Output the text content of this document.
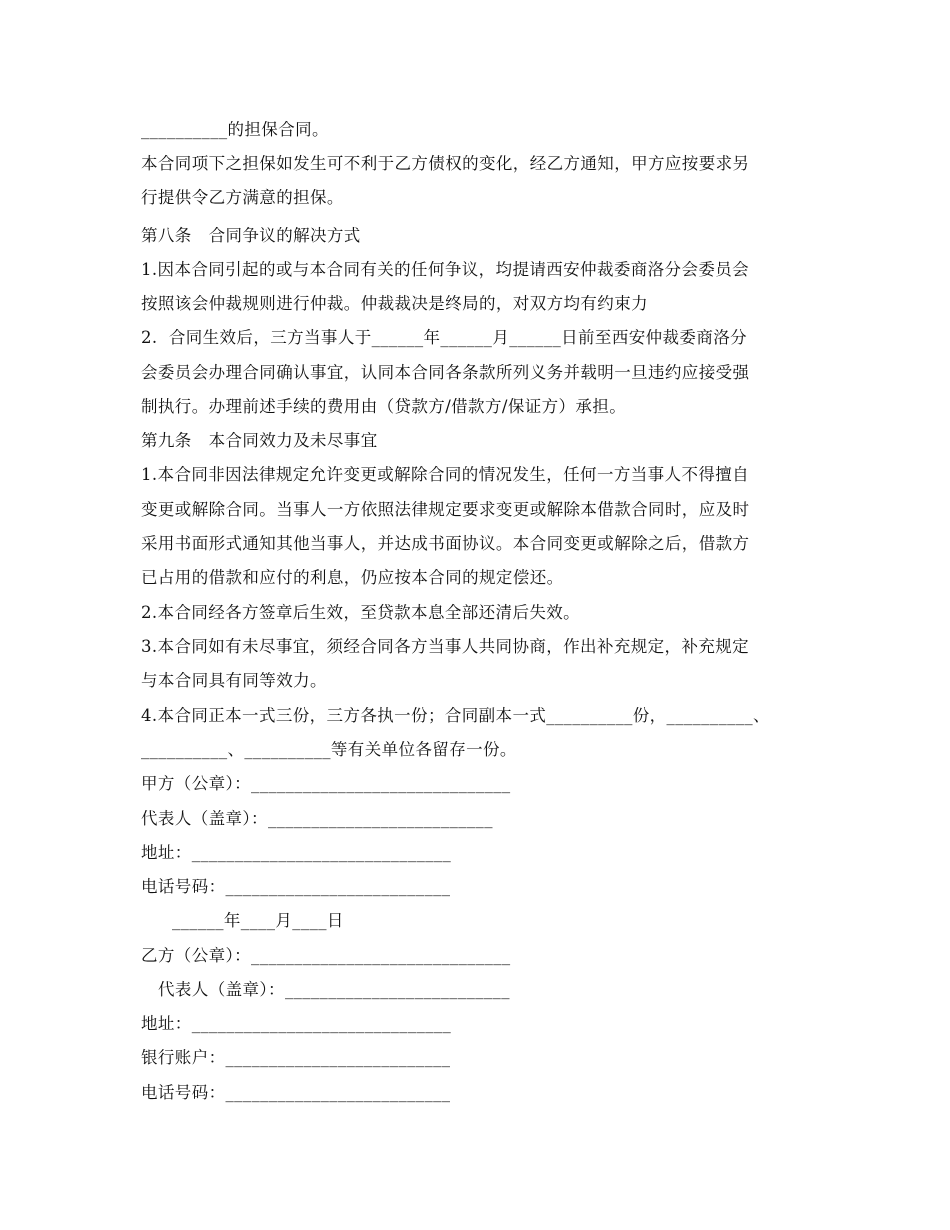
__________的担保合同。
本合同项下之担保如发生可不利于乙方债权的变化，经乙方通知，甲方应按要求另
行提供令乙方满意的担保。
第八条　合同争议的解决方式
1.因本合同引起的或与本合同有关的任何争议，均提请西安仲裁委商洛分会委员会
按照该会仲裁规则进行仲裁。仲裁裁决是终局的，对双方均有约束力
2.  合同生效后，三方当事人于______年______月______日前至西安仲裁委商洛分
会委员会办理合同确认事宜，认同本合同各条款所列义务并载明一旦违约应接受强
制执行。办理前述手续的费用由（贷款方/借款方/保证方）承担。
第九条　本合同效力及未尽事宜
1.本合同非因法律规定允许变更或解除合同的情况发生，任何一方当事人不得擅自
变更或解除合同。当事人一方依照法律规定要求变更或解除本借款合同时，应及时
采用书面形式通知其他当事人，并达成书面协议。本合同变更或解除之后，借款方
已占用的借款和应付的利息，仍应按本合同的规定偿还。
2.本合同经各方签章后生效，至贷款本息全部还清后失效。
3.本合同如有未尽事宜，须经合同各方当事人共同协商，作出补充规定，补充规定
与本合同具有同等效力。
4.本合同正本一式三份，三方各执一份；合同副本一式__________份，__________、
__________、__________等有关单位各留存一份。
甲方（公章）：______________________________
代表人（盖章）：__________________________
地址：______________________________
电话号码：__________________________
______年____月____日
乙方（公章）：______________________________
代表人（盖章）：__________________________
地址：______________________________
银行账户：__________________________
电话号码：__________________________
